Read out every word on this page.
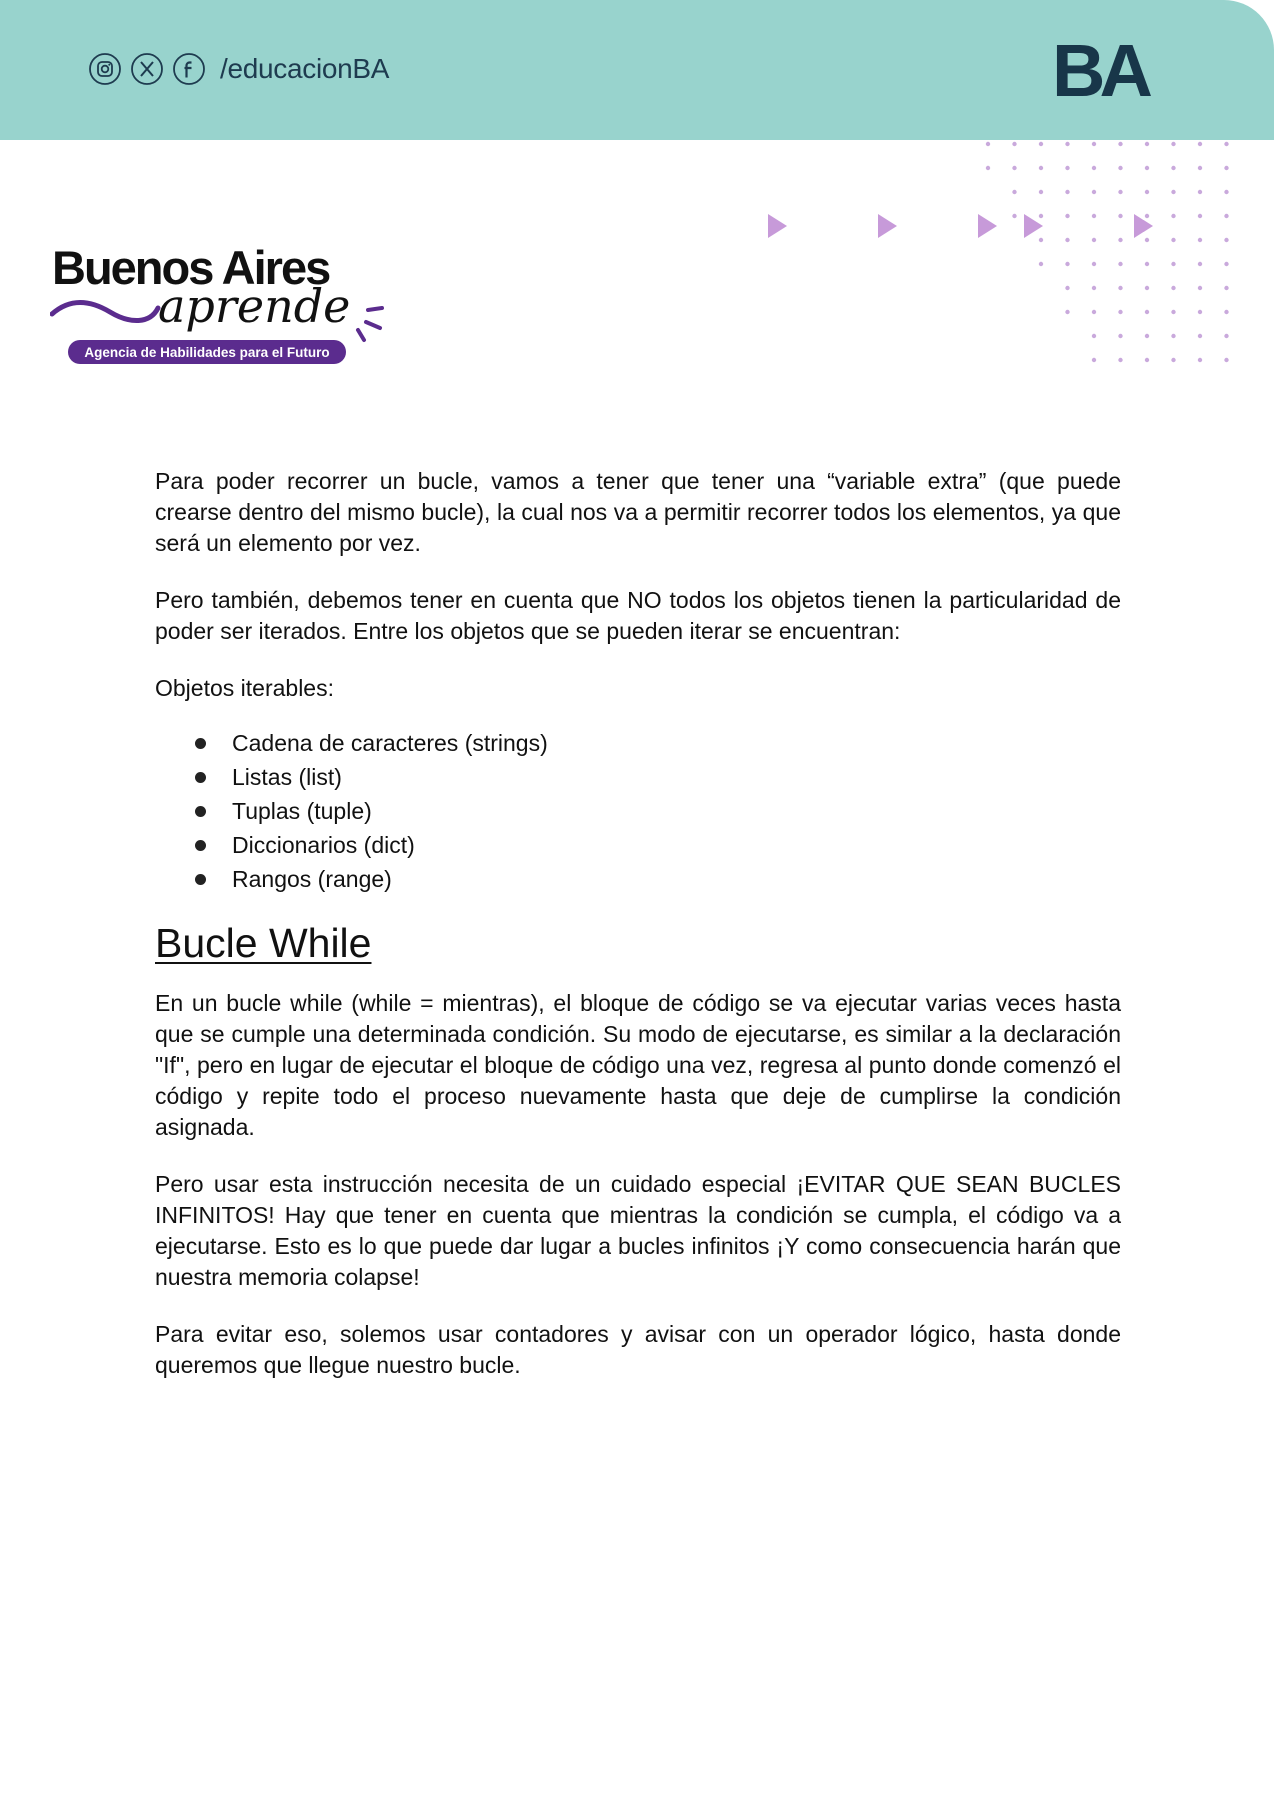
/educacionBA	BA
Buenos Aires
aprende
Agencia de Habilidades para el Futuro

Para poder recorrer un bucle, vamos a tener que tener una “variable extra” (que puede crearse dentro del mismo bucle), la cual nos va a permitir recorrer todos los elementos, ya que será un elemento por vez.

Pero también, debemos tener en cuenta que NO todos los objetos tienen la particularidad de poder ser iterados. Entre los objetos que se pueden iterar se encuentran:

Objetos iterables:

Cadena de caracteres (strings)
Listas (list)
Tuplas (tuple)
Diccionarios (dict)
Rangos (range)
Bucle While

En un bucle while (while = mientras), el bloque de código se va ejecutar varias veces hasta que se cumple una determinada condición. Su modo de ejecutarse, es similar a la declaración "If", pero en lugar de ejecutar el bloque de código una vez, regresa al punto donde comenzó el código y repite todo el proceso nuevamente hasta que deje de cumplirse la condición asignada.

Pero usar esta instrucción necesita de un cuidado especial ¡EVITAR QUE SEAN BUCLES INFINITOS! Hay que tener en cuenta que mientras la condición se cumpla, el código va a ejecutarse. Esto es lo que puede dar lugar a bucles infinitos ¡Y como consecuencia harán que nuestra memoria colapse!

Para evitar eso, solemos usar contadores y avisar con un operador lógico, hasta donde queremos que llegue nuestro bucle.
